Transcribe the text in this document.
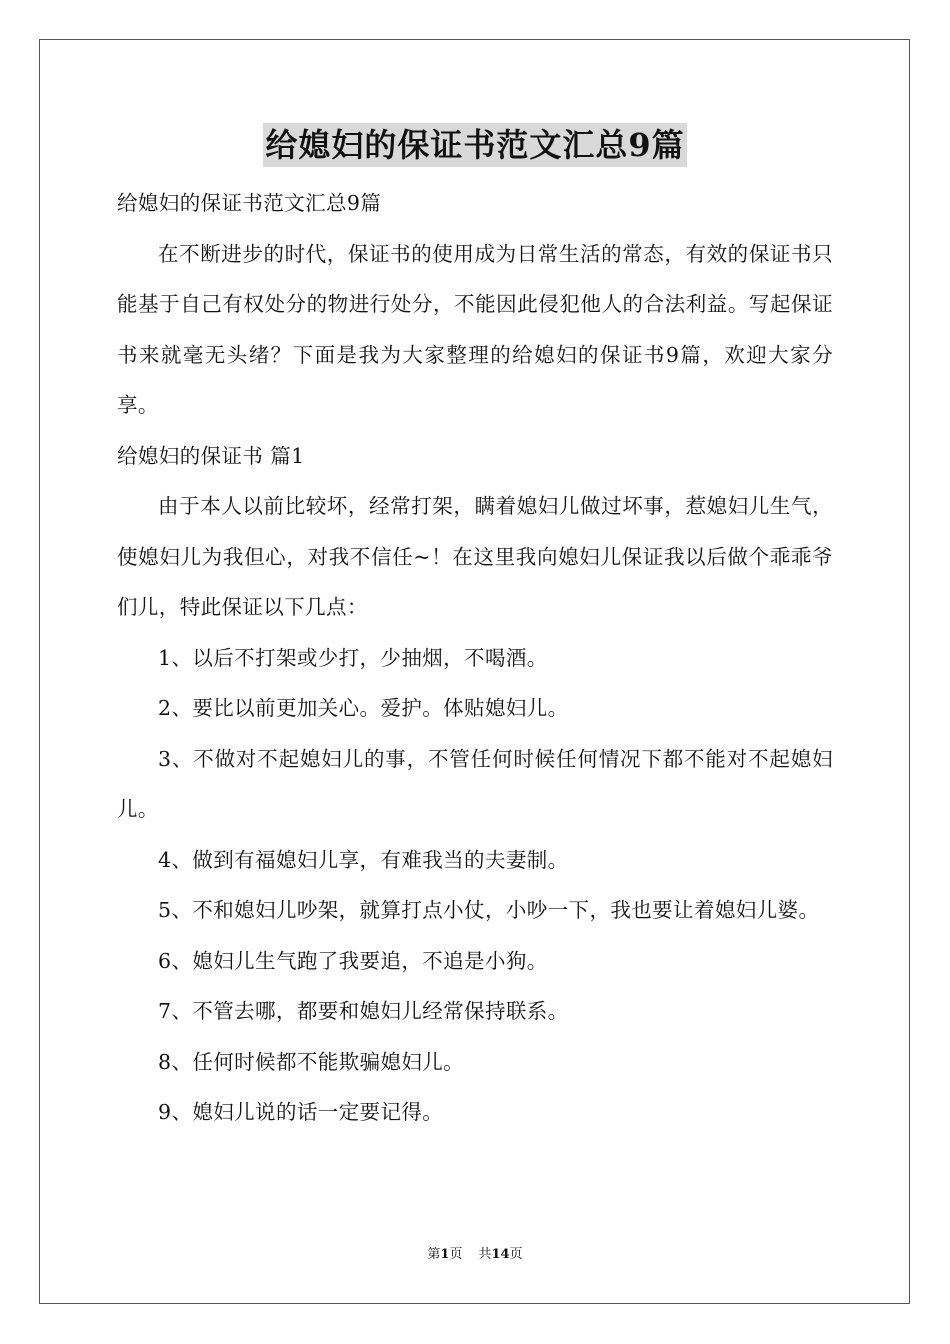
给媳妇的保证书范文汇总9篇

给媳妇的保证书范文汇总9篇

在不断进步的时代，保证书的使用成为日常生活的常态，有效的保证书只能基于自己有权处分的物进行处分，不能因此侵犯他人的合法利益。写起保证书来就毫无头绪？下面是我为大家整理的给媳妇的保证书9篇，欢迎大家分享。

给媳妇的保证书 篇1

由于本人以前比较坏，经常打架，瞒着媳妇儿做过坏事，惹媳妇儿生气，使媳妇儿为我但心，对我不信任~！在这里我向媳妇儿保证我以后做个乖乖爷们儿，特此保证以下几点：

1、以后不打架或少打，少抽烟，不喝酒。

2、要比以前更加关心。爱护。体贴媳妇儿。

3、不做对不起媳妇儿的事，不管任何时候任何情况下都不能对不起媳妇儿。

4、做到有福媳妇儿享，有难我当的夫妻制。

5、不和媳妇儿吵架，就算打点小仗，小吵一下，我也要让着媳妇儿婆。

6、媳妇儿生气跑了我要追，不追是小狗。

7、不管去哪，都要和媳妇儿经常保持联系。

8、任何时候都不能欺骗媳妇儿。

9、媳妇儿说的话一定要记得。

第1页 共14页
